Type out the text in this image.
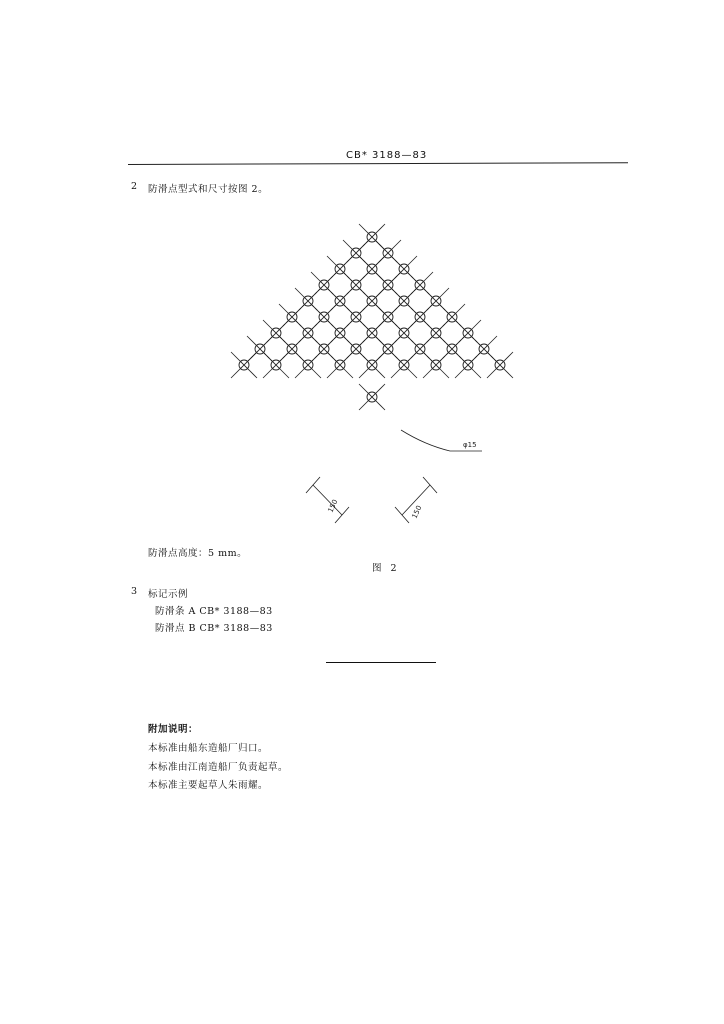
CB* 3188—83
2 防滑点型式和尺寸按图 2。
φ15
150	150
防滑点高度：5 mm。
图 2
3 标记示例
防滑条 A CB* 3188—83
防滑点 B CB* 3188—83
附加说明：
本标准由船东造船厂归口。
本标准由江南造船厂负责起草。
本标准主要起草人朱雨耀。
